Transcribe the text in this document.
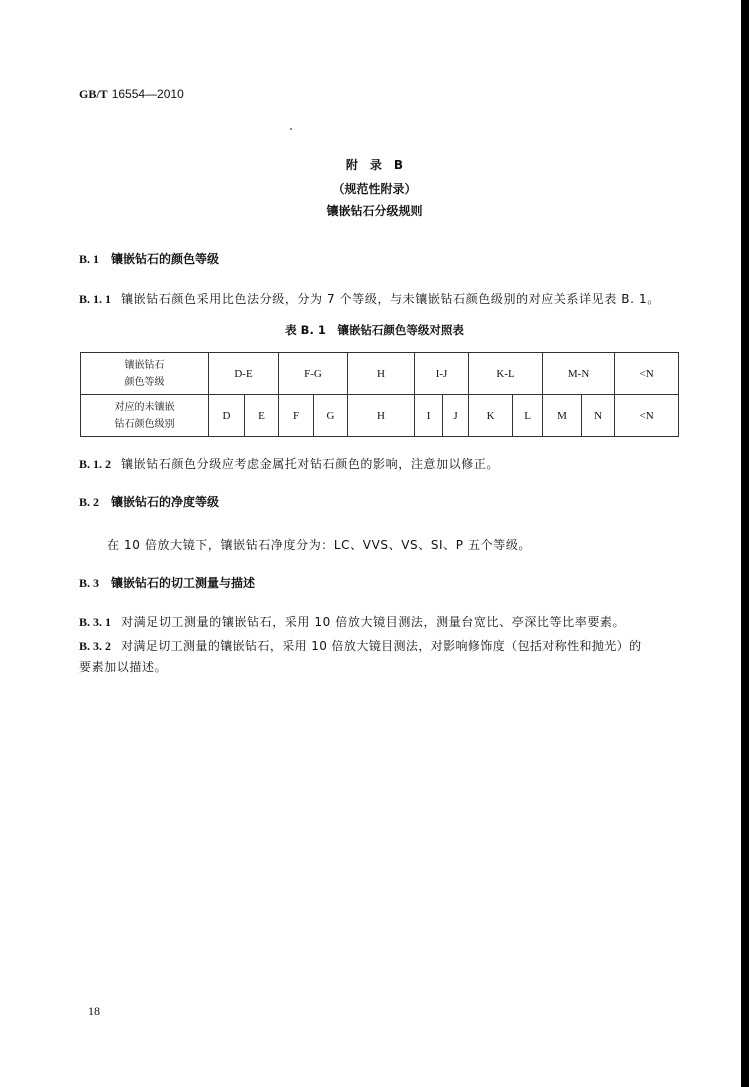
GB/T 16554—2010
附　录　B
（规范性附录）
镶嵌钻石分级规则
B. 1 镶嵌钻石的颜色等级
B. 1. 1 镶嵌钻石颜色采用比色法分级，分为 7 个等级，与未镶嵌钻石颜色级别的对应关系详见表 B. 1。
表 B. 1　镶嵌钻石颜色等级对照表
镶嵌钻石
颜色等级	D-E		F-G		H	I-J		K-L		M-N		<N
对应的未镶嵌
钻石颜色级别	D	E	F	G	H	I	J	K	L	M	N	<N
B. 1. 2 镶嵌钻石颜色分级应考虑金属托对钻石颜色的影响，注意加以修正。
B. 2 镶嵌钻石的净度等级
在 10 倍放大镜下，镶嵌钻石净度分为：LC、VVS、VS、SI、P 五个等级。
B. 3 镶嵌钻石的切工测量与描述
B. 3. 1 对满足切工测量的镶嵌钻石，采用 10 倍放大镜目测法，测量台宽比、亭深比等比率要素。
B. 3. 2 对满足切工测量的镶嵌钻石，采用 10 倍放大镜目测法，对影响修饰度（包括对称性和抛光）的
要素加以描述。
18
